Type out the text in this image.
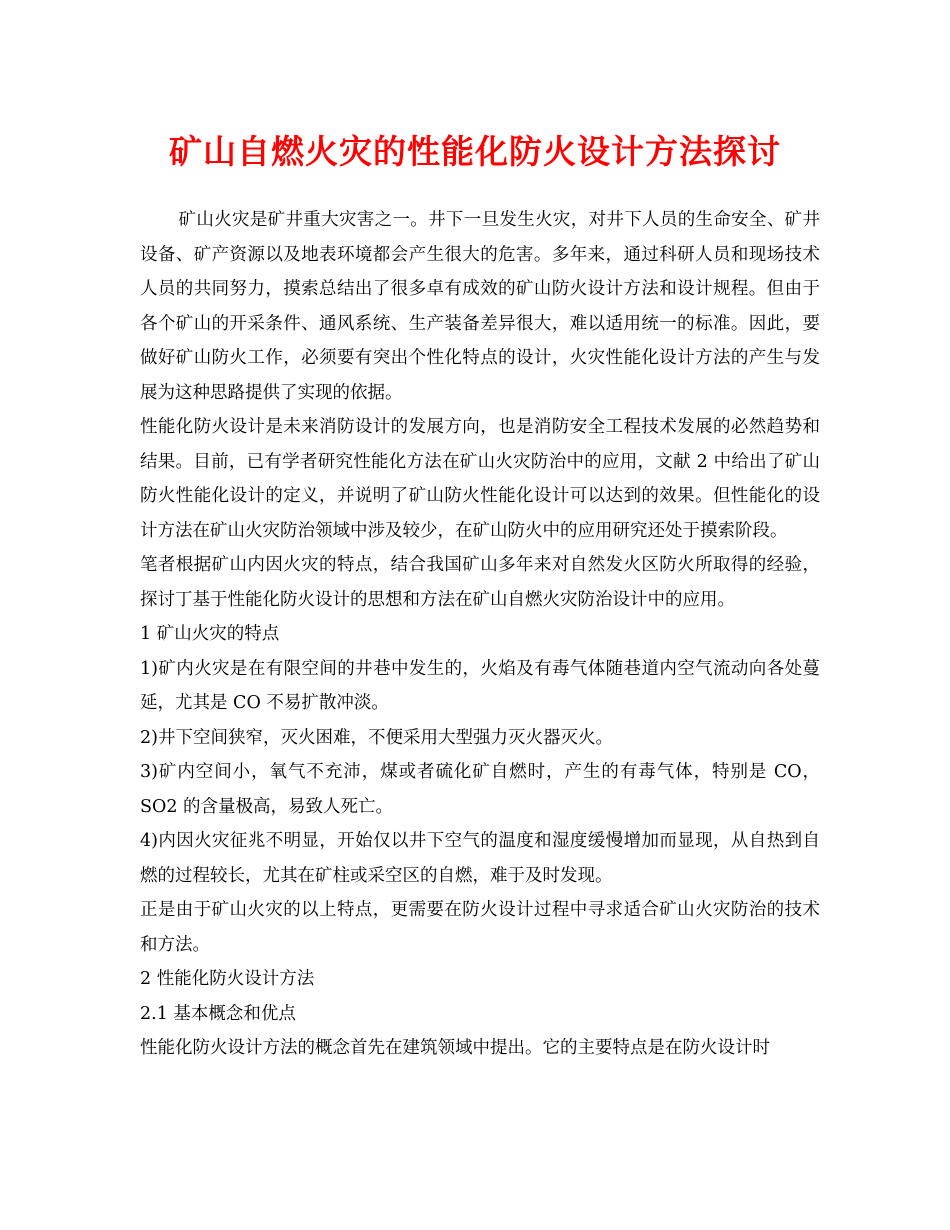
矿山自燃火灾的性能化防火设计方法探讨

矿山火灾是矿井重大灾害之一。井下一旦发生火灾，对井下人员的生命安全、矿井设备、矿产资源以及地表环境都会产生很大的危害。多年来，通过科研人员和现场技术人员的共同努力，摸索总结出了很多卓有成效的矿山防火设计方法和设计规程。但由于各个矿山的开采条件、通风系统、生产装备差异很大，难以适用统一的标准。因此，要做好矿山防火工作，必须要有突出个性化特点的设计，火灾性能化设计方法的产生与发展为这种思路提供了实现的依据。

性能化防火设计是未来消防设计的发展方向，也是消防安全工程技术发展的必然趋势和结果。目前，已有学者研究性能化方法在矿山火灾防治中的应用，文献 2 中给出了矿山防火性能化设计的定义，并说明了矿山防火性能化设计可以达到的效果。但性能化的设计方法在矿山火灾防治领域中涉及较少，在矿山防火中的应用研究还处于摸索阶段。

笔者根据矿山内因火灾的特点，结合我国矿山多年来对自然发火区防火所取得的经验，探讨丁基于性能化防火设计的思想和方法在矿山自燃火灾防治设计中的应用。

1 矿山火灾的特点

1)矿内火灾是在有限空间的井巷中发生的，火焰及有毒气体随巷道内空气流动向各处蔓延，尤其是 CO 不易扩散冲淡。

2)井下空间狭窄，灭火困难，不便采用大型强力灭火器灭火。

3)矿内空间小，氧气不充沛，煤或者硫化矿自燃时，产生的有毒气体，特别是 CO，SO2 的含量极高，易致人死亡。

4)内因火灾征兆不明显，开始仅以井下空气的温度和湿度缓慢增加而显现，从自热到自燃的过程较长，尤其在矿柱或采空区的自燃，难于及时发现。

正是由于矿山火灾的以上特点，更需要在防火设计过程中寻求适合矿山火灾防治的技术和方法。

2 性能化防火设计方法

2.1 基本概念和优点

性能化防火设计方法的概念首先在建筑领域中提出。它的主要特点是在防火设计时
